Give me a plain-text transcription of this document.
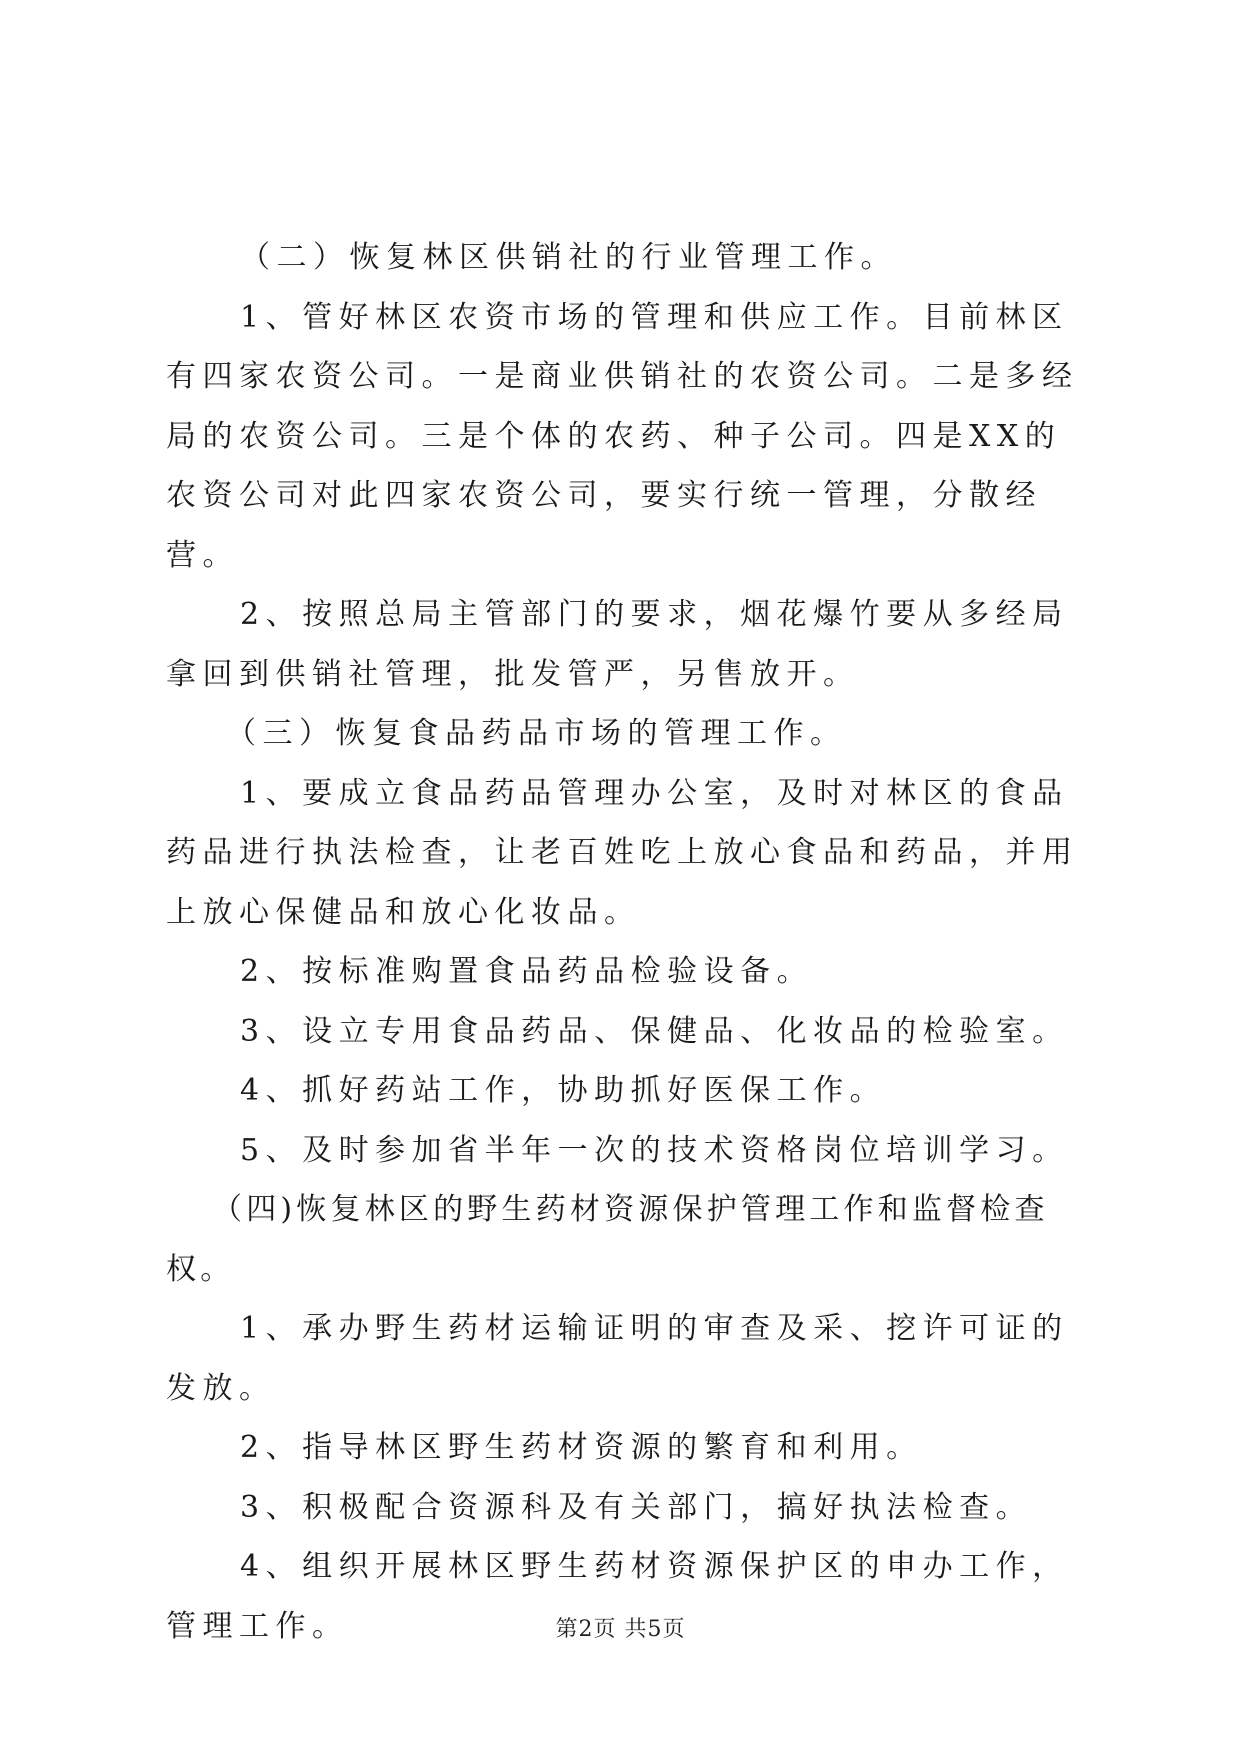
（二）恢复林区供销社的行业管理工作。

1、管好林区农资市场的管理和供应工作。目前林区有四家农资公司。一是商业供销社的农资公司。二是多经局的农资公司。三是个体的农药、种子公司。四是XX的农资公司对此四家农资公司，要实行统一管理，分散经营。

2、按照总局主管部门的要求，烟花爆竹要从多经局拿回到供销社管理，批发管严，另售放开。

（三）恢复食品药品市场的管理工作。

1、要成立食品药品管理办公室，及时对林区的食品药品进行执法检查，让老百姓吃上放心食品和药品，并用上放心保健品和放心化妆品。

2、按标准购置食品药品检验设备。

3、设立专用食品药品、保健品、化妆品的检验室。

4、抓好药站工作，协助抓好医保工作。

5、及时参加省半年一次的技术资格岗位培训学习。

（四)恢复林区的野生药材资源保护管理工作和监督检查权。

1、承办野生药材运输证明的审查及采、挖许可证的发放。

2、指导林区野生药材资源的繁育和利用。

3、积极配合资源科及有关部门，搞好执法检查。

4、组织开展林区野生药材资源保护区的申办工作，管理工作。	第2页 共5页
